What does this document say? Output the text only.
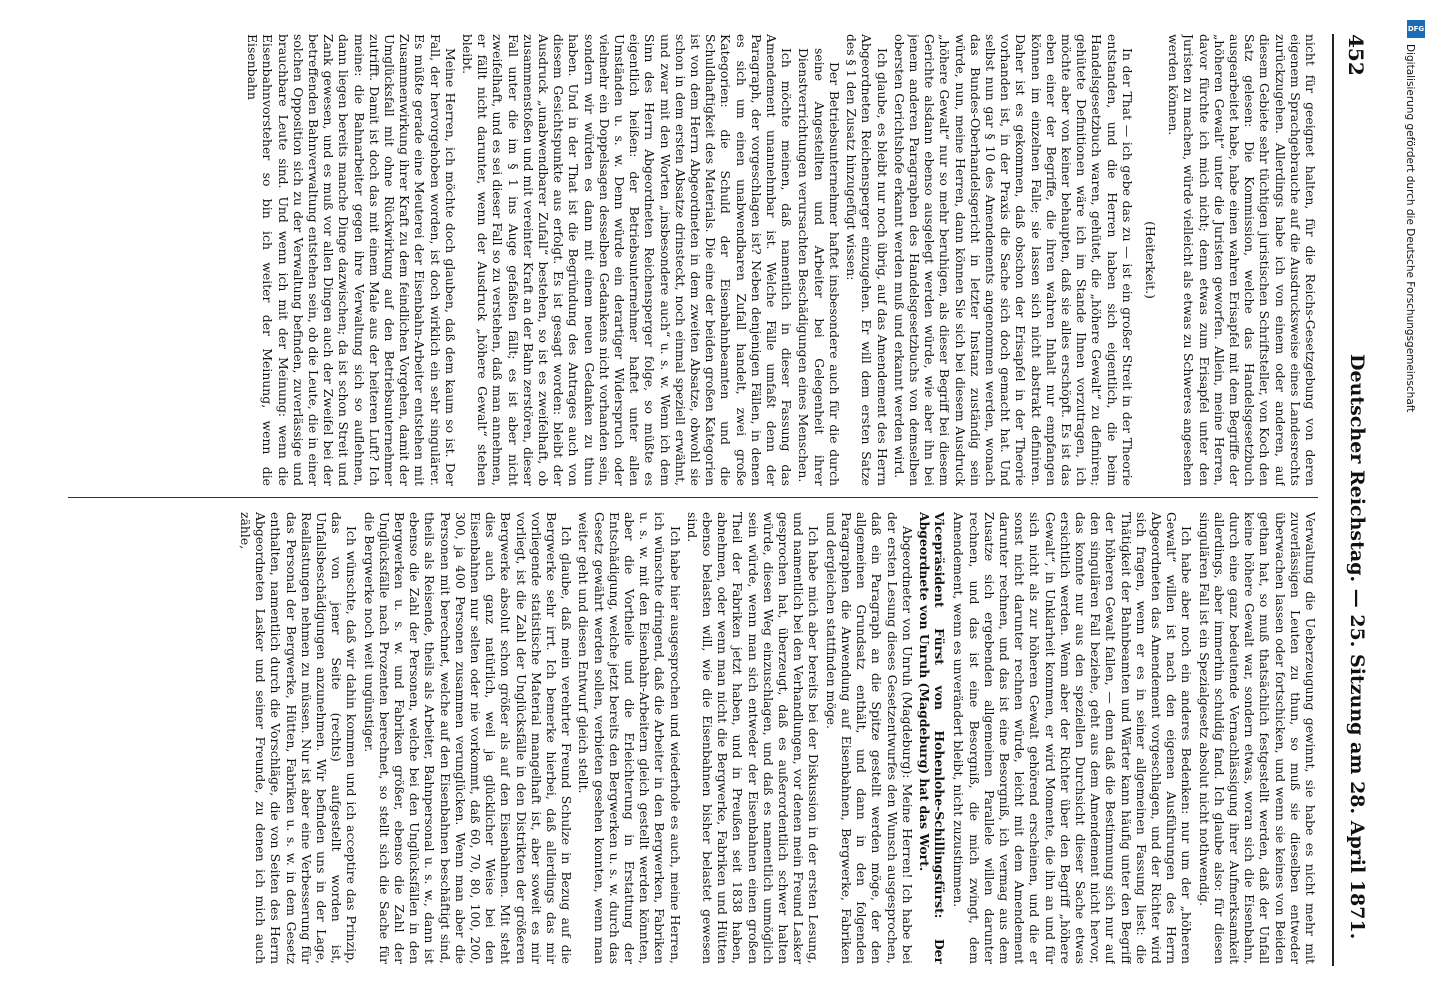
452
Deutscher Reichstag. — 25. Sitzung am 28. April 1871.

nicht für geeignet halten, für die Reichs-Gesetzgebung von deren eigenem Sprachgebrauche auf die Ausdrucksweise eines Landesrechts zurückzugehen. Allerdings habe ich von einem oder anderen, auf diesem Gebiete sehr tüchtigen juristischen Schriftsteller, von Koch den Satz gelesen: Die Kommission, welche das Handelsgesetzbuch ausgearbeitet habe, habe einen wahren Erisapfel mit dem Begriffe der „höheren Gewalt“ unter die Juristen geworfen. Allein, meine Herren, davor fürchte ich mich nicht; denn etwas zum Erisapfel unter den Juristen zu machen, würde vielleicht als etwas zu Schweres angesehen werden können.

(Heiterkeit.)

In der That — ich gebe das zu — ist ein großer Streit in der Theorie entstanden, und die Herren haben sich eigentlich, die beim Handelsgesetzbuch waren, gehütet, die „höhere Gewalt“ zu definiren; gehütete Definitionen wäre ich im Stande Ihnen vorzutragen, ich möchte aber von keiner behaupten, daß sie alles erschöpft. Es ist das eben einer der Begriffe, die ihren wahren Inhalt nur empfangen können im einzelnen Falle; sie lassen sich nicht abstrakt definiren. Daher ist es gekommen, daß obschon der Erisapfel in der Theorie vorhanden ist, in der Praxis die Sache sich doch gemacht hat. Und selbst nun gar § 10 des Amendements angenommen werden, wonach das Bundes-Oberhandelsgericht in letzter Instanz zuständig sein würde, nun, meine Herren, dann können Sie sich bei diesem Ausdruck „höhere Gewalt“ nur so mehr beruhigen, als dieser Begriff bei diesem Gerichte alsdann ebenso ausgelegt werden würde, wie aber ihn bei jenem anderen Paragraphen des Handelsgesetzbuchs von demselben obersten Gerichtshofe erkannt werden muß und erkannt werden wird.

Ich glaube, es bleibt nur noch übrig, auf das Amendement des Herrn Abgeordneten Reichensperger einzugehen. Er will dem ersten Satze des § 1 den Zusatz hinzugefügt wissen:

Der Betriebsunternehmer haftet insbesondere auch für die durch seine Angestellten und Arbeiter bei Gelegenheit ihrer Dienstverrichtungen verursachten Beschädigungen eines Menschen.

Ich möchte meinen, daß namentlich in dieser Fassung das Amendement unannehmbar ist. Welche Fälle umfaßt denn der Paragraph, der vorgeschlagen ist? Neben denjenigen Fällen, in denen es sich um einen unabwendbaren Zufall handelt, zwei große Kategorien: die Schuld der Eisenbahnbeamten und die Schuldhaftigkeit des Materials. Die eine der beiden großen Kategorien ist von dem Herrn Abgeordneten in dem zweiten Absatze, obwohl sie schon in dem ersten Absatze drinsteckt, noch einmal speziell erwähnt, und zwar mit den Worten „insbesondere auch“ u. s. w. Wenn ich dem Sinn des Herrn Abgeordneten Reichensperger folge, so müßte es eigentlich heißen: der Betriebsunternehmer haftet unter allen Umständen u. s. w. Denn würde ein derartiger Widerspruch oder vielmehr ein Doppelsagen desselben Gedankens nicht vorhanden sein, sondern wir würden es dann mit einem neuen Gedanken zu thun haben. Und in der That ist die Begründung des Antrages auch von diesem Gesichtspunkte aus erfolgt. Es ist gesagt worden: bleibt der Ausdruck „unabwendbarer Zufall“ bestehen, so ist es zweifelhaft, ob zusammenstoßen und mit vereinter Kraft an der Bahn zerstören, dieser Fall unter die im § 1 ins Auge gefaßten fällt; es ist aber nicht zweifelhaft, und es sei dieser Fall so zu verstehen, daß man annehmen, er fällt nicht darunter, wenn der Ausdruck „höhere Gewalt“ stehen bleibt.

Meine Herren, ich möchte doch glauben, daß dem kaum so ist. Der Fall, der hervorgehoben worden, ist doch wirklich ein sehr singulärer. Es müßte gerade eine Meuterei der Eisenbahn-Arbeiter entstehen mit Zusammenwirkung ihrer Kraft zu dem feindlichen Vorgehen, damit der Umglücksfall mit ohne Rückwirkung auf den Betriebsunternehmer zutrifft. Damit ist doch das mit einem Male aus der heiteren Luft? Ich meine: die Bahnarbeiter gegen ihre Verwaltung sich so auflehnen, dann liegen bereits manche Dinge dazwischen; da ist schon Streit und Zank gewesen, und es muß vor allen Dingen auch der Zweifel bei der betreffenden Bahnverwaltung entstehen sein, ob die Leute, die in einer solchen Opposition sich zu der Verwaltung befinden, zuverlässige und brauchbare Leute sind. Und wenn ich mit der Meinung: wenn die Eisenbahnvorsteher so bin ich weiter der Meinung, wenn die Eisenbahn

Verwaltung die Ueberzeugung gewinnt, sie habe es nicht mehr mit zuverlässigen Leuten zu thun, so muß sie dieselben entweder überwachen lassen oder fortschicken, und wenn sie keines von Beiden gethan hat, so muß thatsächlich festgestellt werden, daß der Unfall keine höhere Gewalt war, sondern etwas, woran sich die Eisenbahn, durch eine ganz bedeutende Vernachlässigung ihrer Aufmerksamkeit allerdings, aber immerhin schuldig fand. Ich glaube also: für diesen singulären Fall ist ein Spezialgesetz absolut nicht nothwendig.

Ich habe aber noch ein anderes Bedenken: nur um der „höheren Gewalt“ willen ist nach den eigenen Ausführungen des Herrn Abgeordneten das Amendement vorgeschlagen, und der Richter wird sich fragen, wenn er es in seiner allgemeinen Fassung liest: die Thätigkeit der Bahnbeamten und Wärter kann häufig unter den Begriff der höheren Gewalt fallen, — denn daß die Bestimmung sich nur auf den singulären Fall beziehe, geht aus dem Amendement nicht hervor, das konnte nur aus den speziellen Durchsicht dieser Sache etwas ersichtlich werden. Wenn aber der Richter über den Begriff „höhere Gewalt“, in Unklarheit kommen, er wird Momente, die ihn an und für sich nicht als zur höheren Gewalt gehörend erscheinen, und die er sonst nicht darunter rechnen würde, leicht mit dem Amendement darunter rechnen, und das ist eine Besorgniß, ich vermag aus dem Zusatze sich ergebenden allgemeinen Parallele willen darunter rechnen, und das ist eine Besorgniß, die mich zwingt, dem Amendement, wenn es unverändert bleibt, nicht zuzustimmen.

Vicepräsident Fürst von Hohenlohe-Schillingsfürst: Der Abgeordnete von Unruh (Magdeburg) hat das Wort.

Abgeordneter von Unruh (Magdeburg): Meine Herren! Ich habe bei der ersten Lesung dieses Gesetzentwurfes den Wunsch ausgesprochen, daß ein Paragraph an die Spitze gestellt werden möge, der den allgemeinen Grundsatz enthält, und dann in den folgenden Paragraphen die Anwendung auf Eisenbahnen, Bergwerke, Fabriken und dergleichen stattfinden möge.

Ich habe mich aber bereits bei der Diskussion in der ersten Lesung, und namentlich bei den Verhandlungen, vor denen mein Freund Lasker gesprochen hat, überzeugt, daß es außerordentlich schwer halten würde, diesen Weg einzuschlagen, und daß es namentlich unmöglich sein würde, wenn man sich entweder der Eisenbahnen einen großen Theil der Fabriken jetzt haben, und in Preußen seit 1838 haben, abnehmen, oder wenn man nicht die Bergwerke, Fabriken und Hütten ebenso belasten will, wie die Eisenbahnen bisher belastet gewesen sind.

Ich habe hier ausgesprochen und wiederhole es auch, meine Herren, ich wünschte dringend, daß die Arbeiter in den Bergwerken, Fabriken u. s. w. mit den Eisenbahn-Arbeitern gleich gestellt werden könnten, aber die Vortheile und die Erleichterung in Erstattung der Entschädigung, welche jetzt bereits den Bergwerken u. s. w. durch das Gesetz gewährt werden sollen, verbieten gesehen konnten, wenn man weiter geht und diesen Entwurf gleich stellt.

Ich glaube, daß mein verehrter Freund Schulze in Bezug auf die Bergwerke sehr irrt. Ich bemerke hierbei, daß allerdings das mir vorliegende statistische Material mangelhaft ist, aber soweit es mir vorliegt, ist die Zahl der Unglücksfälle in den Distrikten der größeren Bergwerke absolut schon größer als auf den Eisenbahnen. Mit steht dies auch ganz natürlich, weil ja glücklicher Weise bei den Eisenbahnen nur selten oder nie vorkommt, daß 60, 70, 80, 100, 200, 300, ja 400 Personen zusammen verunglücken. Wenn man aber die Personen mit berechnet, welche auf den Eisenbahnen beschäftigt sind, theils als Reisende, theils als Arbeiter, Bahnpersonal u. s. w., dann ist ebenso die Zahl der Personen, welche bei den Unglücksfällen in den Bergwerken u. s. w. und Fabriken größer, ebenso die Zahl der Unglücksfälle nach Prozenten berechnet, so stellt sich die Sache für die Bergwerke noch weit ungünstiger.

Ich wünschte, daß wir dahin kommen und ich acceptire das Prinzip, das von jener Seite (rechts) aufgestellt worden ist, Unfallsbeschädigungen anzunehmen. Wir befinden uns in der Lage, Reallastungen nehmen zu müssen. Nur ist aber eine Verbesserung für das Personal der Bergwerke, Hütten, Fabriken u. s. w. in dem Gesetz enthalten, namentlich durch die Vorschläge, die von Seiten des Herrn Abgeordneten Lasker und seiner Freunde, zu denen ich mich auch zähle,

DFG
Digitalisierung gefördert durch die Deutsche Forschungsgemeinschaft
